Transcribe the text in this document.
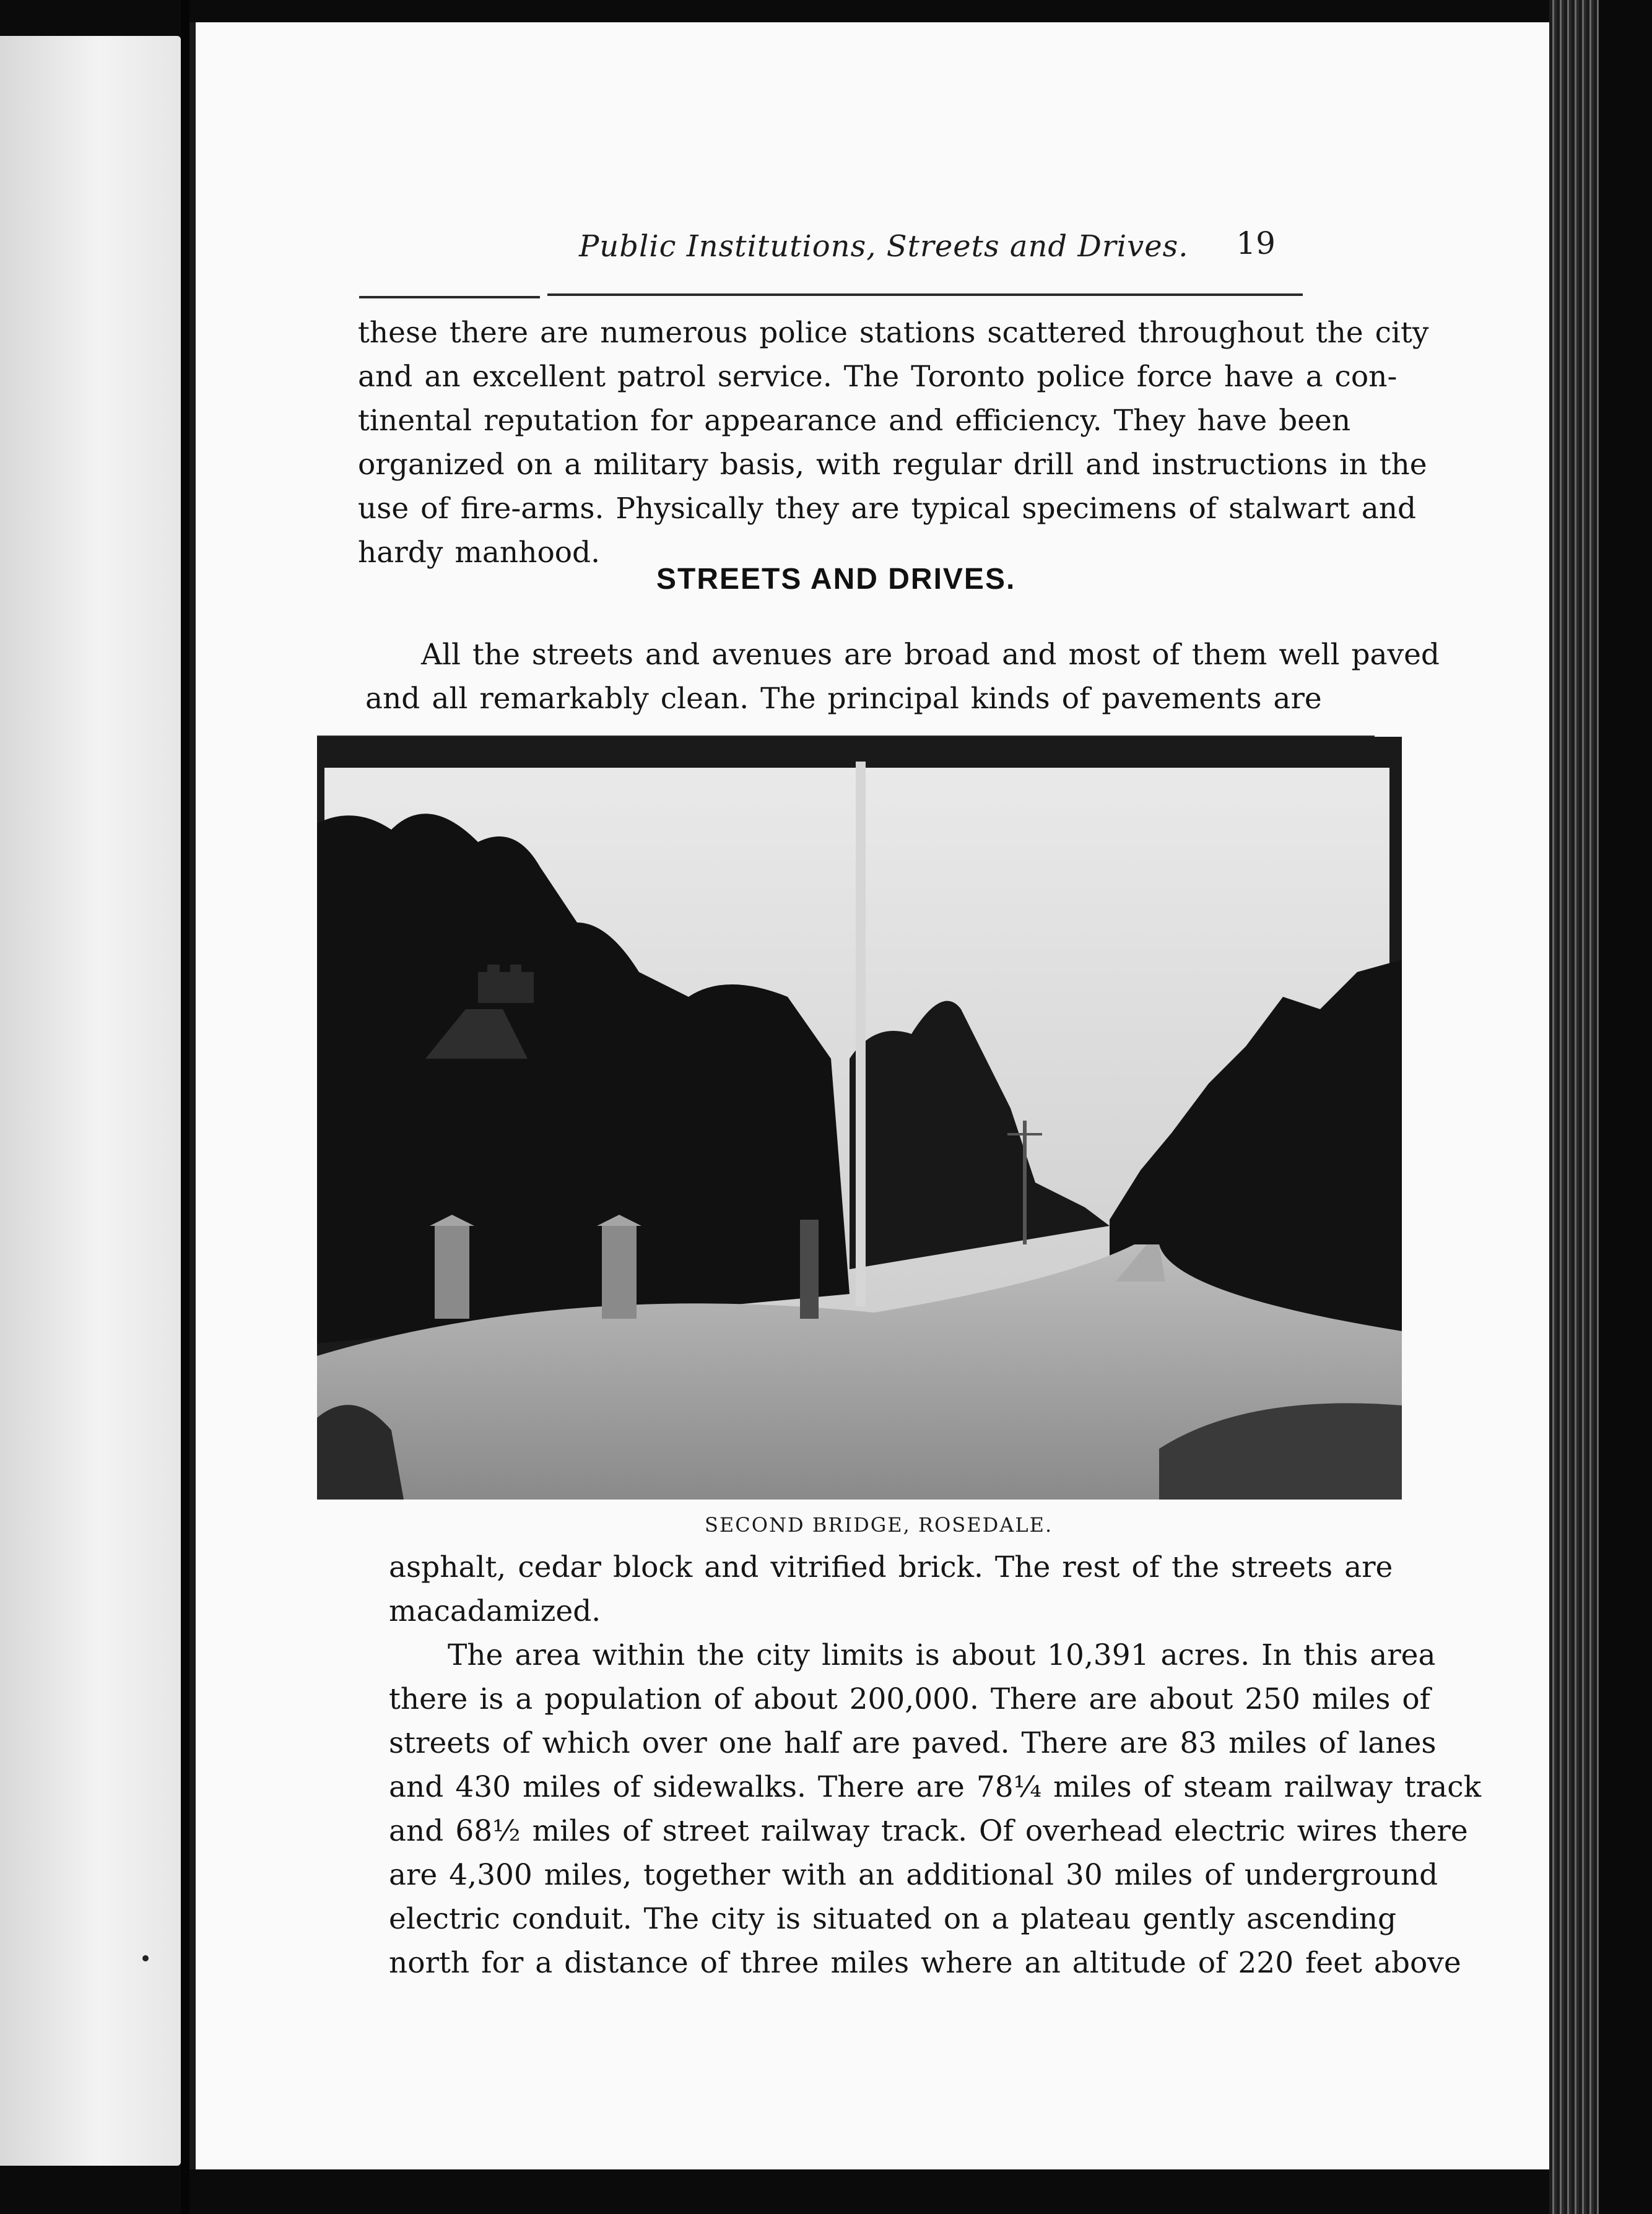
Public Institutions, Streets and Drives. 19
these there are numerous police stations scattered throughout the city
and an excellent patrol service. The Toronto police force have a con-
tinental reputation for appearance and efficiency. They have been
organized on a military basis, with regular drill and instructions in the
use of fire-arms. Physically they are typical specimens of stalwart and
hardy manhood.
STREETS AND DRIVES.
All the streets and avenues are broad and most of them well paved
and all remarkably clean. The principal kinds of pavements are
SECOND BRIDGE, ROSEDALE.
asphalt, cedar block and vitrified brick. The rest of the streets are
macadamized.
The area within the city limits is about 10,391 acres. In this area
there is a population of about 200,000. There are about 250 miles of
streets of which over one half are paved. There are 83 miles of lanes
and 430 miles of sidewalks. There are 78¼ miles of steam railway track
and 68½ miles of street railway track. Of overhead electric wires there
are 4,300 miles, together with an additional 30 miles of underground
electric conduit. The city is situated on a plateau gently ascending
north for a distance of three miles where an altitude of 220 feet above
